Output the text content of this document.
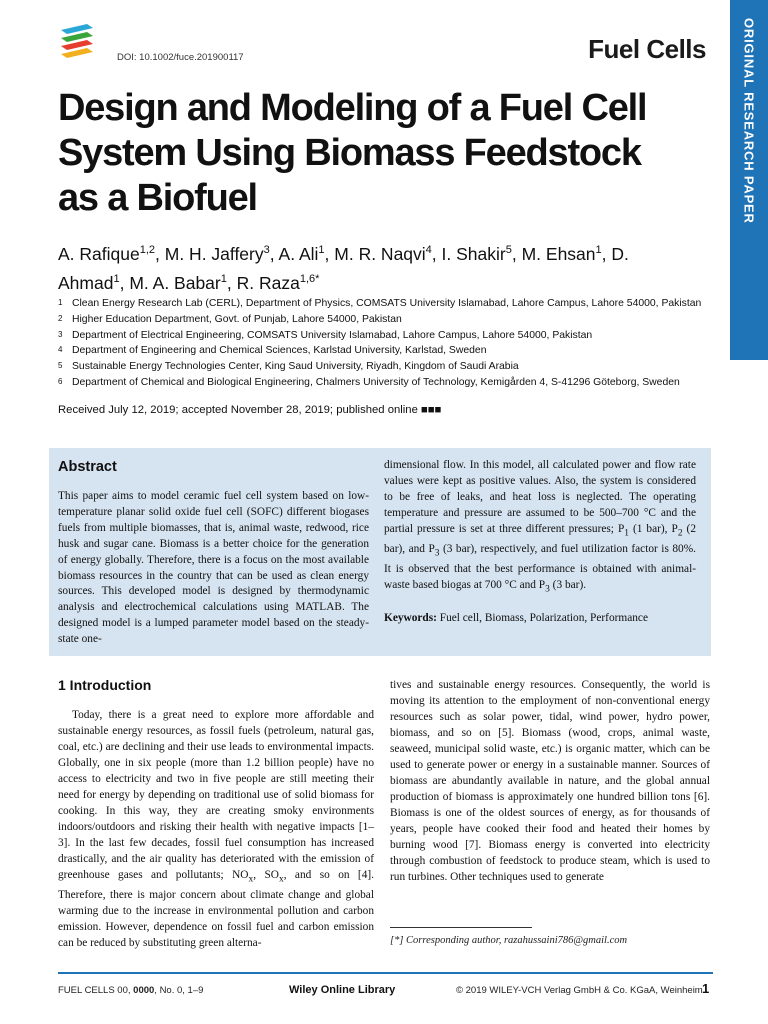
DOI: 10.1002/fuce.201900117	Fuel Cells	ORIGINAL RESEARCH PAPER
Design and Modeling of a Fuel Cell System Using Biomass Feedstock as a Biofuel
A. Rafique$^{1,2}$, M. H. Jaffery$^3$, A. Ali$^1$, M. R. Naqvi$^4$, I. Shakir$^5$, M. Ehsan$^1$, D. Ahmad$^1$, M. A. Babar$^1$, R. Raza$^{1,6*}$
1 Clean Energy Research Lab (CERL), Department of Physics, COMSATS University Islamabad, Lahore Campus, Lahore 54000, Pakistan
2 Higher Education Department, Govt. of Punjab, Lahore 54000, Pakistan
3 Department of Electrical Engineering, COMSATS University Islamabad, Lahore Campus, Lahore 54000, Pakistan
4 Department of Engineering and Chemical Sciences, Karlstad University, Karlstad, Sweden
5 Sustainable Energy Technologies Center, King Saud University, Riyadh, Kingdom of Saudi Arabia
6 Department of Chemical and Biological Engineering, Chalmers University of Technology, Kemigården 4, S-41296 Göteborg, Sweden
Received July 12, 2019; accepted November 28, 2019; published online ■■■
Abstract
This paper aims to model ceramic fuel cell system based on low-temperature planar solid oxide fuel cell (SOFC) different biogases fuels from multiple biomasses, that is, animal waste, redwood, rice husk and sugar cane. Biomass is a better choice for the generation of energy globally. Therefore, there is a focus on the most available biomass resources in the country that can be used as clean energy sources. This developed model is designed by thermodynamic analysis and electrochemical calculations using MATLAB. The designed model is a lumped parameter model based on the steady-state one-
dimensional flow. In this model, all calculated power and flow rate values were kept as positive values. Also, the system is considered to be free of leaks, and heat loss is neglected. The operating temperature and pressure are assumed to be 500–700 °C and the partial pressure is set at three different pressures; $P_1$ (1 bar), $P_2$ (2 bar), and $P_3$ (3 bar), respectively, and fuel utilization factor is 80%. It is observed that the best performance is obtained with animal-waste based biogas at 700 °C and $P_3$ (3 bar).
Keywords: Fuel cell, Biomass, Polarization, Performance
1 Introduction
Today, there is a great need to explore more affordable and sustainable energy resources, as fossil fuels (petroleum, natural gas, coal, etc.) are declining and their use leads to environmental impacts. Globally, one in six people (more than 1.2 billion people) have no access to electricity and two in five people are still meeting their need for energy by depending on traditional use of solid biomass for cooking. In this way, they are creating smoky environments indoors/outdoors and risking their health with negative impacts [1–3]. In the last few decades, fossil fuel consumption has increased drastically, and the air quality has deteriorated with the emission of greenhouse gases and pollutants; $NO_x$, $SO_x$, and so on [4]. Therefore, there is major concern about climate change and global warming due to the increase in environmental pollution and carbon emission. However, dependence on fossil fuel and carbon emission can be reduced by substituting green alterna-
tives and sustainable energy resources. Consequently, the world is moving its attention to the employment of non-conventional energy resources such as solar power, tidal, wind power, hydro power, biomass, and so on [5]. Biomass (wood, crops, animal waste, seaweed, municipal solid waste, etc.) is organic matter, which can be used to generate power or energy in a sustainable manner. Sources of biomass are abundantly available in nature, and the global annual production of biomass is approximately one hundred billion tons [6]. Biomass is one of the oldest sources of energy, as for thousands of years, people have cooked their food and heated their homes by burning wood [7]. Biomass energy is converted into electricity through combustion of feedstock to produce steam, which is used to run turbines. Other techniques used to generate
[*] Corresponding author, razahussaini786@gmail.com
FUEL CELLS 00, 0000, No. 0, 1–9	Wiley Online Library	© 2019 WILEY-VCH Verlag GmbH & Co. KGaA, Weinheim 1
